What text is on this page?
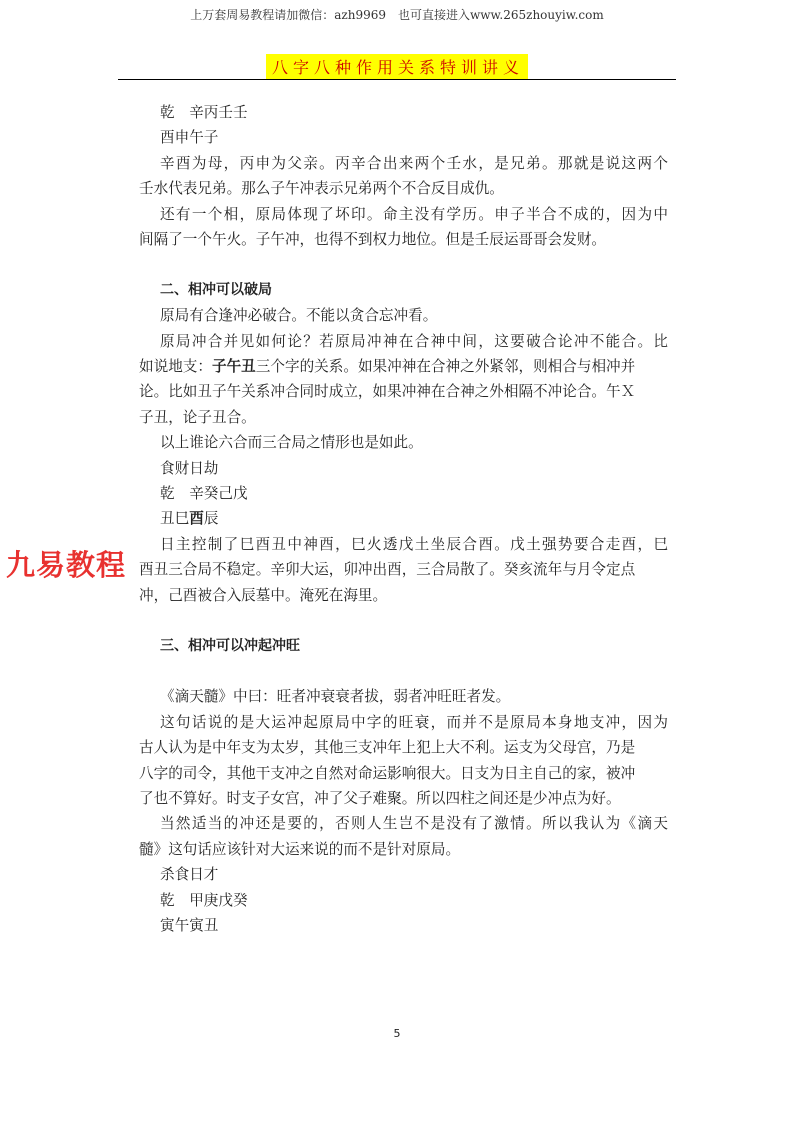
上万套周易教程请加微信：azh9969　也可直接进入www.265zhouyiw.com
八字八种作用关系特训讲义
九易教程

乾　辛丙壬壬

酉申午子

辛酉为母，丙申为父亲。丙辛合出来两个壬水，是兄弟。那就是说这两个

壬水代表兄弟。那么子午冲表示兄弟两个不合反目成仇。

还有一个相，原局体现了坏印。命主没有学历。申子半合不成的，因为中

间隔了一个午火。子午冲，也得不到权力地位。但是壬辰运哥哥会发财。

二、相冲可以破局

原局有合逢冲必破合。不能以贪合忘冲看。

原局冲合并见如何论？若原局冲神在合神中间，这要破合论冲不能合。比

如说地支：子午丑三个字的关系。如果冲神在合神之外紧邻，则相合与相冲并

论。比如丑子午关系冲合同时成立，如果冲神在合神之外相隔不冲论合。午Ｘ

子丑，论子丑合。

以上谁论六合而三合局之情形也是如此。

食财日劫

乾　辛癸己戊

丑巳酉辰

日主控制了巳酉丑中神酉，巳火透戊土坐辰合酉。戊土强势要合走酉，巳

酉丑三合局不稳定。辛卯大运，卯冲出酉，三合局散了。癸亥流年与月令定点

冲，己酉被合入辰墓中。淹死在海里。

三、相冲可以冲起冲旺

《滴天髓》中曰：旺者冲衰衰者拔，弱者冲旺旺者发。

这句话说的是大运冲起原局中字的旺衰，而并不是原局本身地支冲，因为

古人认为是中年支为太岁，其他三支冲年上犯上大不利。运支为父母宫，乃是

八字的司令，其他干支冲之自然对命运影响很大。日支为日主自己的家，被冲

了也不算好。时支子女宫，冲了父子难聚。所以四柱之间还是少冲点为好。

当然适当的冲还是要的，否则人生岂不是没有了激情。所以我认为《滴天

髓》这句话应该针对大运来说的而不是针对原局。

杀食日才

乾　甲庚戊癸

寅午寅丑

5
